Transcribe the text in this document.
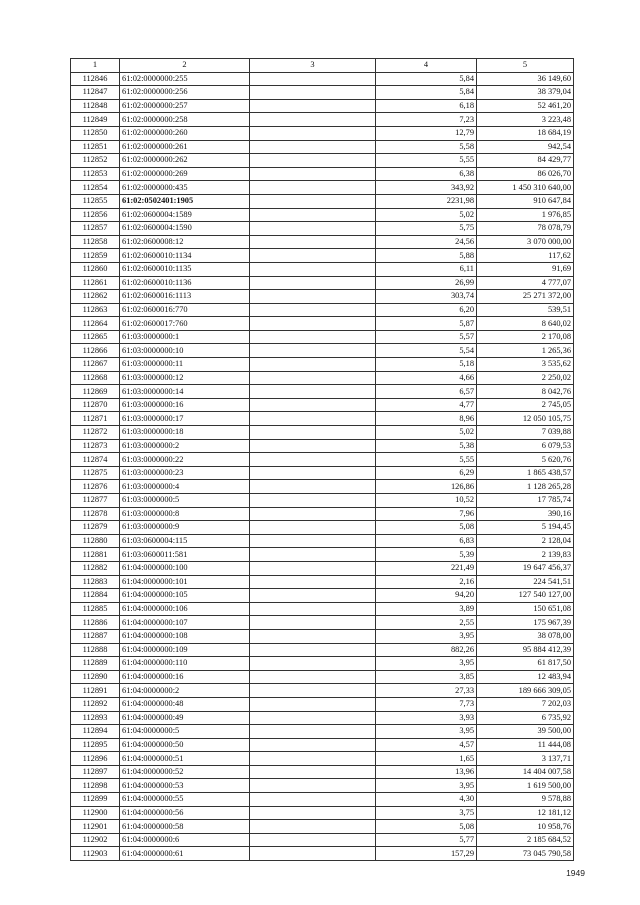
1	2	3	4	5
112846	61:02:0000000:255		5,84	36 149,60
112847	61:02:0000000:256		5,84	38 379,04
112848	61:02:0000000:257		6,18	52 461,20
112849	61:02:0000000:258		7,23	3 223,48
112850	61:02:0000000:260		12,79	18 684,19
112851	61:02:0000000:261		5,58	942,54
112852	61:02:0000000:262		5,55	84 429,77
112853	61:02:0000000:269		6,38	86 026,70
112854	61:02:0000000:435		343,92	1 450 310 640,00
112855	61:02:0502401:1905		2231,98	910 647,84
112856	61:02:0600004:1589		5,02	1 976,85
112857	61:02:0600004:1590		5,75	78 078,79
112858	61:02:0600008:12		24,56	3 070 000,00
112859	61:02:0600010:1134		5,88	117,62
112860	61:02:0600010:1135		6,11	91,69
112861	61:02:0600010:1136		26,99	4 777,07
112862	61:02:0600016:1113		303,74	25 271 372,00
112863	61:02:0600016:770		6,20	539,51
112864	61:02:0600017:760		5,87	8 640,02
112865	61:03:0000000:1		5,57	2 170,08
112866	61:03:0000000:10		5,54	1 265,36
112867	61:03:0000000:11		5,18	3 535,62
112868	61:03:0000000:12		4,66	2 250,02
112869	61:03:0000000:14		6,57	8 042,76
112870	61:03:0000000:16		4,77	2 745,05
112871	61:03:0000000:17		8,96	12 050 105,75
112872	61:03:0000000:18		5,02	7 039,88
112873	61:03:0000000:2		5,38	6 079,53
112874	61:03:0000000:22		5,55	5 620,76
112875	61:03:0000000:23		6,29	1 865 438,57
112876	61:03:0000000:4		126,86	1 128 265,28
112877	61:03:0000000:5		10,52	17 785,74
112878	61:03:0000000:8		7,96	390,16
112879	61:03:0000000:9		5,08	5 194,45
112880	61:03:0600004:115		6,83	2 128,04
112881	61:03:0600011:581		5,39	2 139,83
112882	61:04:0000000:100		221,49	19 647 456,37
112883	61:04:0000000:101		2,16	224 541,51
112884	61:04:0000000:105		94,20	127 540 127,00
112885	61:04:0000000:106		3,89	150 651,08
112886	61:04:0000000:107		2,55	175 967,39
112887	61:04:0000000:108		3,95	38 078,00
112888	61:04:0000000:109		882,26	95 884 412,39
112889	61:04:0000000:110		3,95	61 817,50
112890	61:04:0000000:16		3,85	12 483,94
112891	61:04:0000000:2		27,33	189 666 309,05
112892	61:04:0000000:48		7,73	7 202,03
112893	61:04:0000000:49		3,93	6 735,92
112894	61:04:0000000:5		3,95	39 500,00
112895	61:04:0000000:50		4,57	11 444,08
112896	61:04:0000000:51		1,65	3 137,71
112897	61:04:0000000:52		13,96	14 404 007,58
112898	61:04:0000000:53		3,95	1 619 500,00
112899	61:04:0000000:55		4,30	9 578,88
112900	61:04:0000000:56		3,75	12 181,12
112901	61:04:0000000:58		5,08	10 958,76
112902	61:04:0000000:6		5,77	2 185 684,52
112903	61:04:0000000:61		157,29	73 045 790,58
1949
